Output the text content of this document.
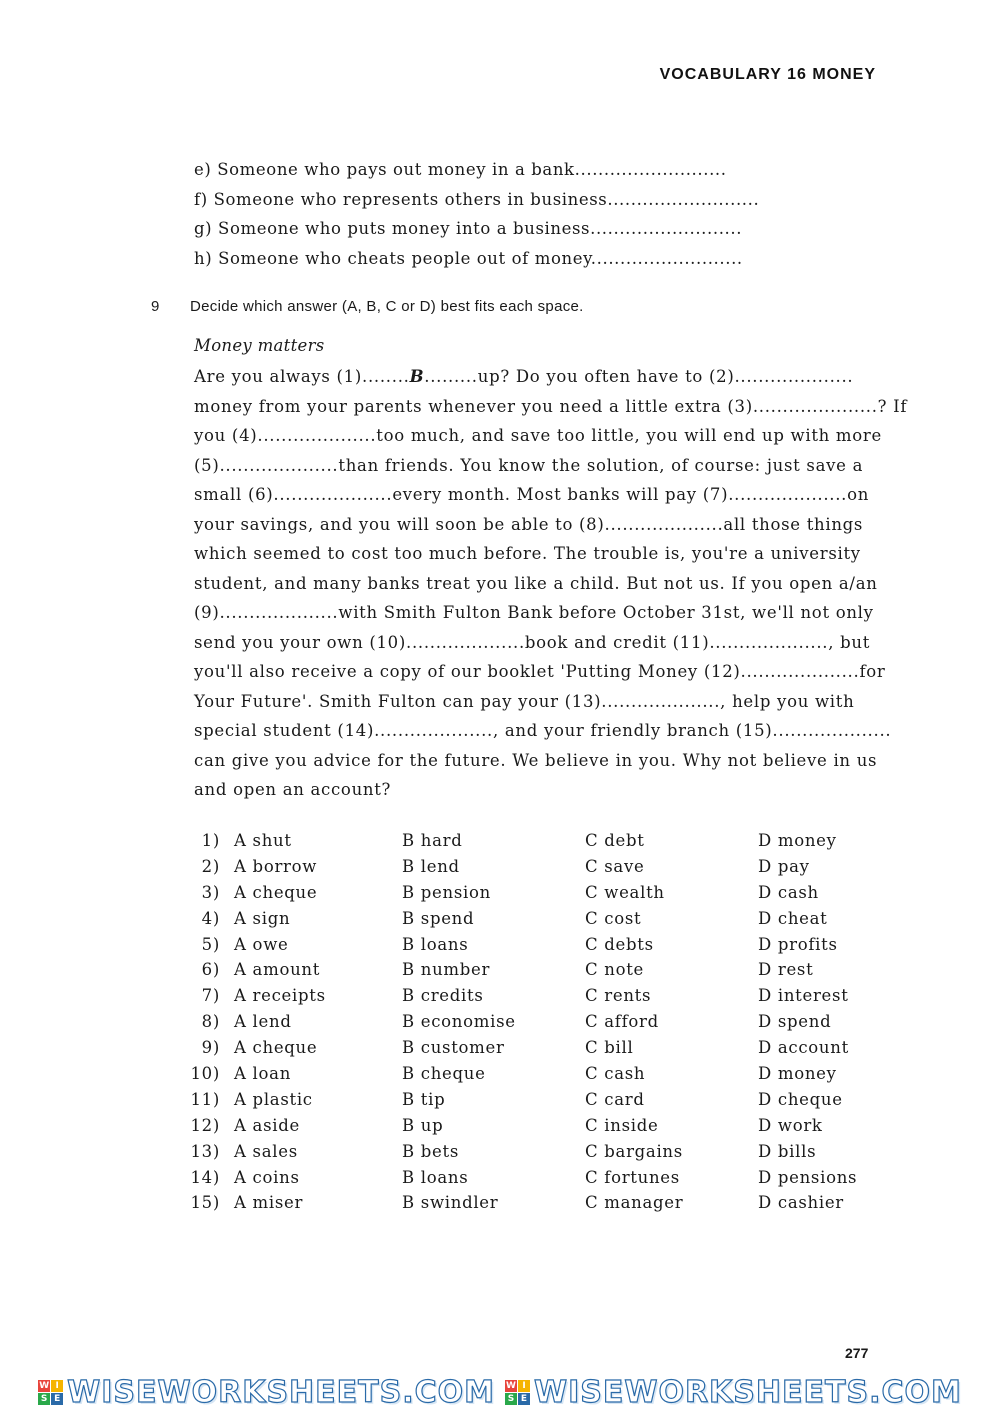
VOCABULARY 16 MONEY
e) Someone who pays out money in a bank..........................
f) Someone who represents others in business..........................
g) Someone who puts money into a business..........................
h) Someone who cheats people out of money..........................
9 Decide which answer (A, B, C or D) best fits each space.
Money matters
Are you always (1)........B.........up? Do you often have to (2)....................
money from your parents whenever you need a little extra (3).....................? If
you (4)....................too much, and save too little, you will end up with more
(5)....................than friends. You know the solution, of course: just save a
small (6)....................every month. Most banks will pay (7)....................on
your savings, and you will soon be able to (8)....................all those things
which seemed to cost too much before. The trouble is, you're a university
student, and many banks treat you like a child. But not us. If you open a/an
(9)....................with Smith Fulton Bank before October 31st, we'll not only
send you your own (10)....................book and credit (11)...................., but
you'll also receive a copy of our booklet 'Putting Money (12)....................for
Your Future'. Smith Fulton can pay your (13)...................., help you with
special student (14)...................., and your friendly branch (15)....................
can give you advice for the future. We believe in you. Why not believe in us
and open an account?
1) A shut	B hard	C debt	D money
2) A borrow	B lend	C save	D pay
3) A cheque	B pension	C wealth	D cash
4) A sign	B spend	C cost	D cheat
5) A owe	B loans	C debts	D profits
6) A amount	B number	C note	D rest
7) A receipts	B credits	C rents	D interest
8) A lend	B economise	C afford	D spend
9) A cheque	B customer	C bill	D account
10) A loan	B cheque	C cash	D money
11) A plastic	B tip	C card	D cheque
12) A aside	B up	C inside	D work
13) A sales	B bets	C bargains	D bills
14) A coins	B loans	C fortunes	D pensions
15) A miser	B swindler	C manager	D cashier
277
W I
S E WISEWORKSHEETS.COM W I
S E WISEWORKSHEETS.COM
